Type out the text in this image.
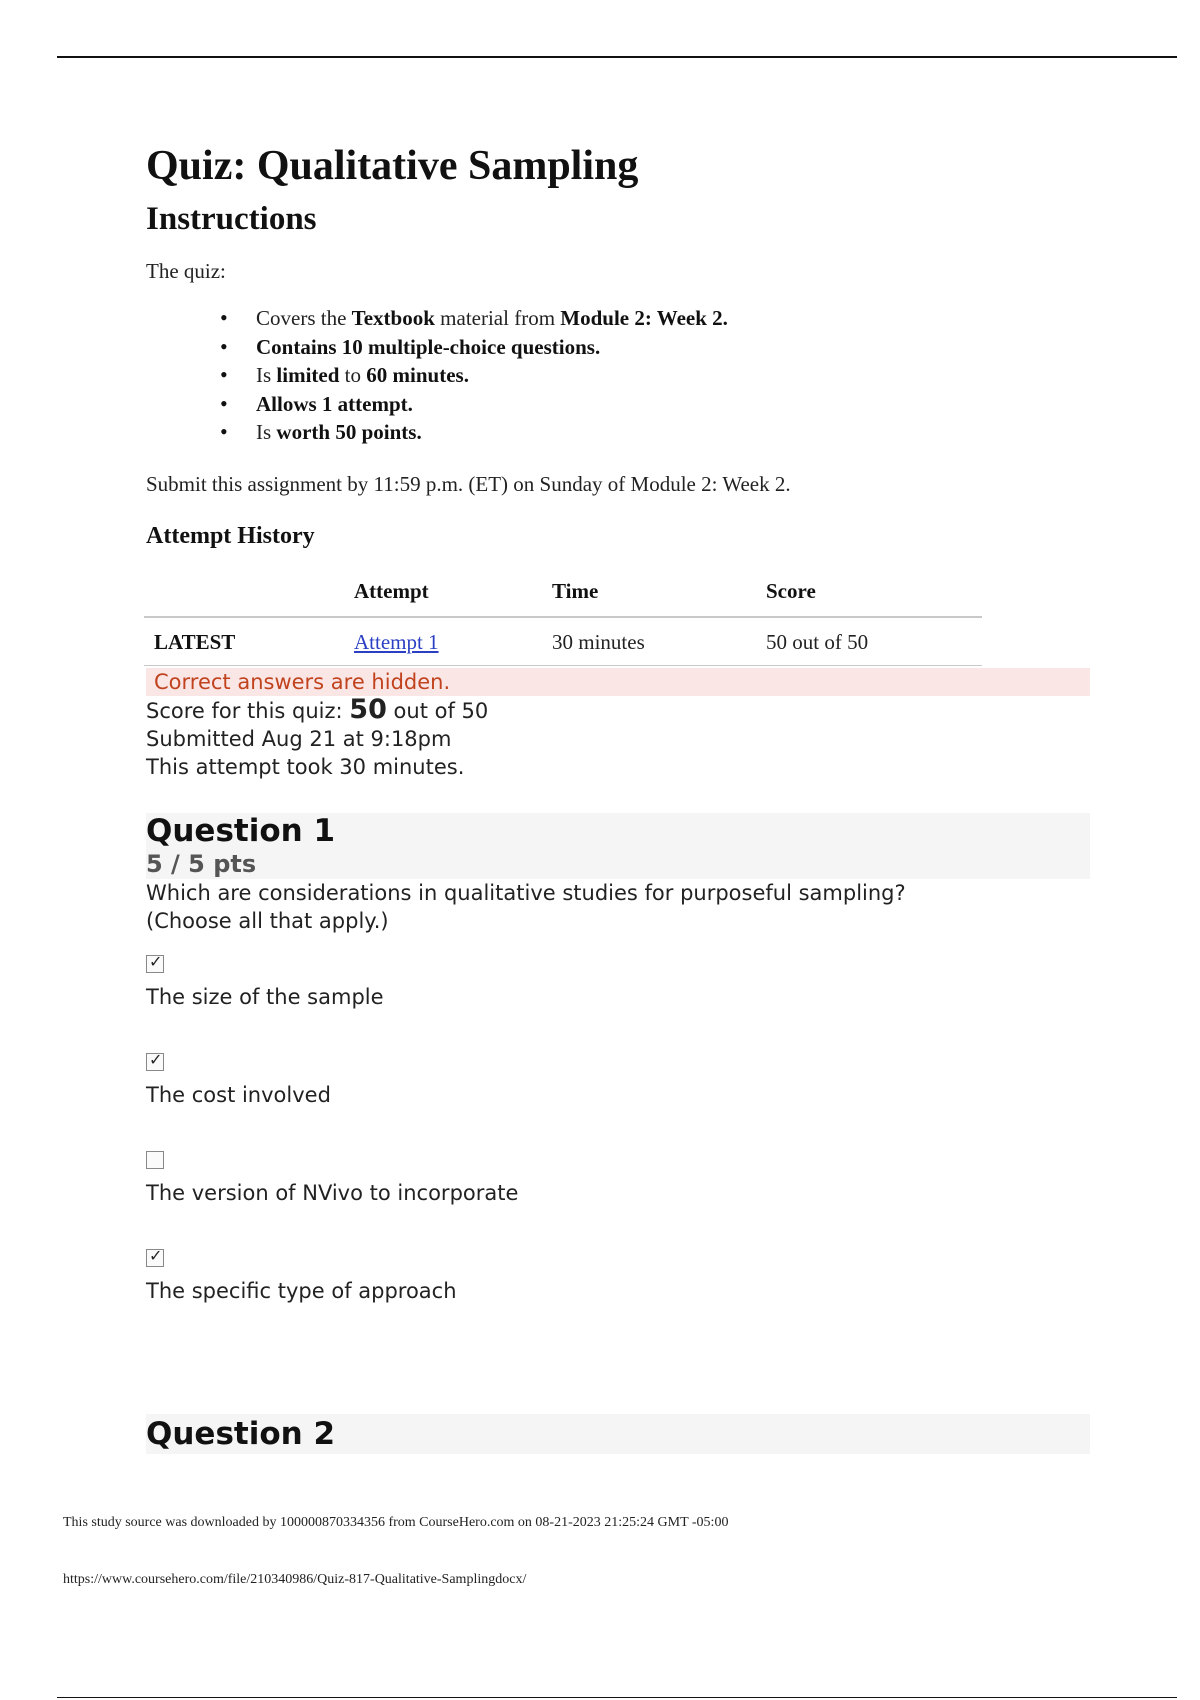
Quiz: Qualitative Sampling
Instructions

The quiz:

• Covers the Textbook material from Module 2: Week 2.
• Contains 10 multiple-choice questions.
• Is limited to 60 minutes.
• Allows 1 attempt.
• Is worth 50 points.
Submit this assignment by 11:59 p.m. (ET) on Sunday of Module 2: Week 2.
Attempt History
	Attempt	Time	Score
LATEST	Attempt 1	30 minutes	50 out of 50
Correct answers are hidden.
Score for this quiz: 50 out of 50
Submitted Aug 21 at 9:18pm
This attempt took 30 minutes.
Question 1
5 / 5 pts
Which are considerations in qualitative studies for purposeful sampling?
(Choose all that apply.)
✓
The size of the sample
✓
The cost involved
The version of NVivo to incorporate
✓
The specific type of approach
Question 2
This study source was downloaded by 100000870334356 from CourseHero.com on 08-21-2023 21:25:24 GMT -05:00
https://www.coursehero.com/file/210340986/Quiz-817-Qualitative-Samplingdocx/
